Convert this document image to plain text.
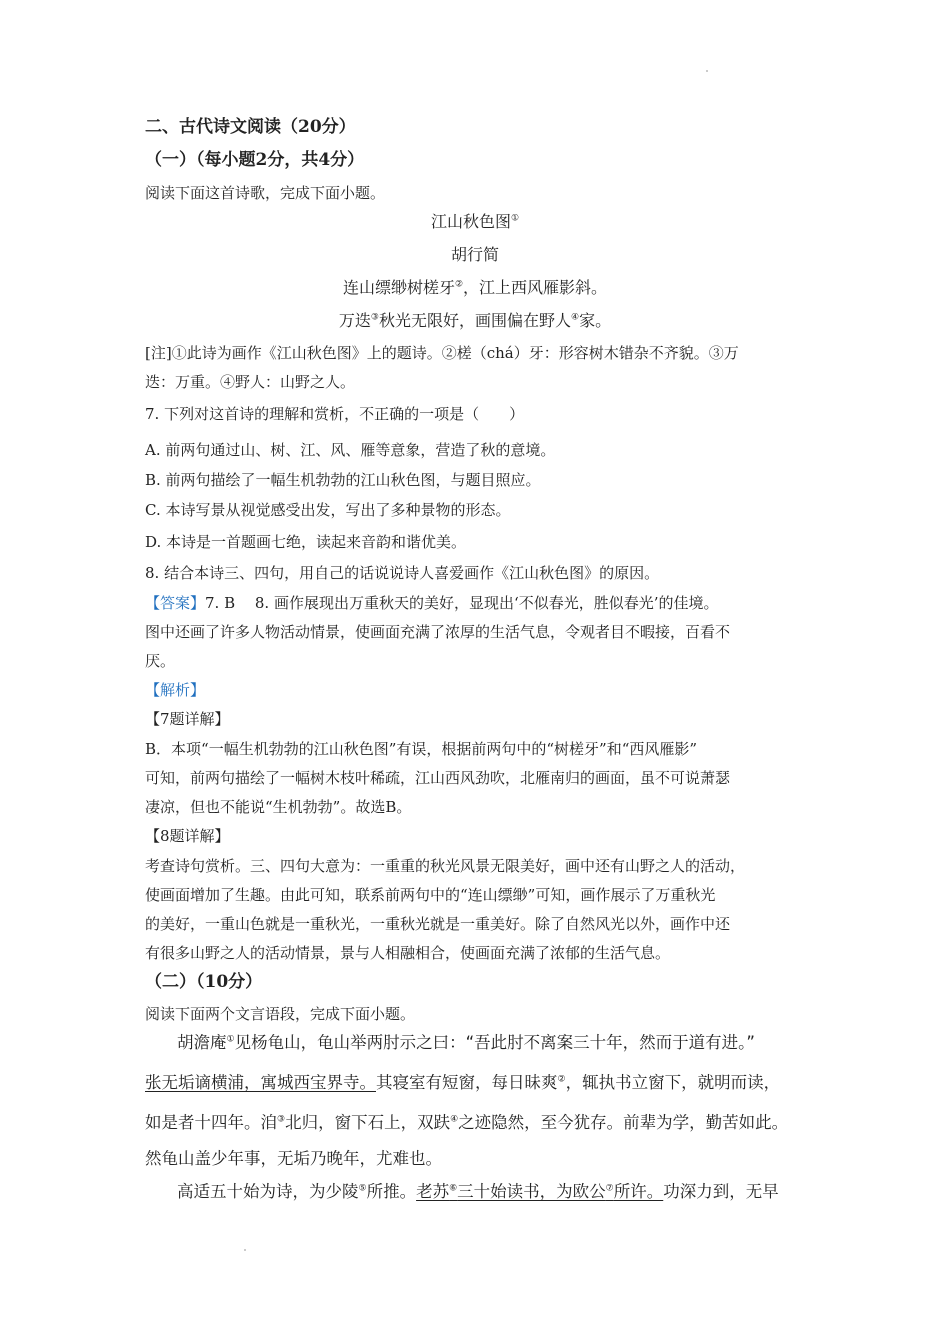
二、古代诗文阅读（20分）
（一）（每小题2分，共4分）
阅读下面这首诗歌，完成下面小题。
江山秋色图①
胡行简
连山缥缈树槎牙②，江上西风雁影斜。
万迭③秋光无限好，画围偏在野人④家。
[注]①此诗为画作《江山秋色图》上的题诗。②槎（chá）牙：形容树木错杂不齐貌。③万
迭：万重。④野人：山野之人。
7. 下列对这首诗的理解和赏析，不正确的一项是（　　）
A. 前两句通过山、树、江、风、雁等意象，营造了秋的意境。
B. 前两句描绘了一幅生机勃勃的江山秋色图，与题目照应。
C. 本诗写景从视觉感受出发，写出了多种景物的形态。
D. 本诗是一首题画七绝，读起来音韵和谐优美。
8. 结合本诗三、四句，用自己的话说说诗人喜爱画作《江山秋色图》的原因。
【答案】7. B　 8. 画作展现出万重秋天的美好，显现出‘不似春光，胜似春光’的佳境。
图中还画了许多人物活动情景，使画面充满了浓厚的生活气息，令观者目不暇接，百看不
厌。
【解析】
【7题详解】
B．本项“一幅生机勃勃的江山秋色图”有误，根据前两句中的“树槎牙”和“西风雁影”
可知，前两句描绘了一幅树木枝叶稀疏，江山西风劲吹，北雁南归的画面，虽不可说萧瑟
凄凉，但也不能说“生机勃勃”。故选B。
【8题详解】
考查诗句赏析。三、四句大意为：一重重的秋光风景无限美好，画中还有山野之人的活动，
使画面增加了生趣。由此可知，联系前两句中的“连山缥缈”可知，画作展示了万重秋光
的美好，一重山色就是一重秋光，一重秋光就是一重美好。除了自然风光以外，画作中还
有很多山野之人的活动情景，景与人相融相合，使画面充满了浓郁的生活气息。
（二）（10分）
阅读下面两个文言语段，完成下面小题。
胡澹庵①见杨龟山，龟山举两肘示之曰：“吾此肘不离案三十年，然而于道有进。”
张无垢谪横浦，寓城西宝界寺。其寝室有短窗，每日昧爽②，辄执书立窗下，就明而读，
如是者十四年。洎③北归，窗下石上，双趺④之迹隐然，至今犹存。前辈为学，勤苦如此。
然龟山盖少年事，无垢乃晚年，尤难也。
高适五十始为诗，为少陵⑤所推。老苏⑥三十始读书，为欧公⑦所许。功深力到，无早
